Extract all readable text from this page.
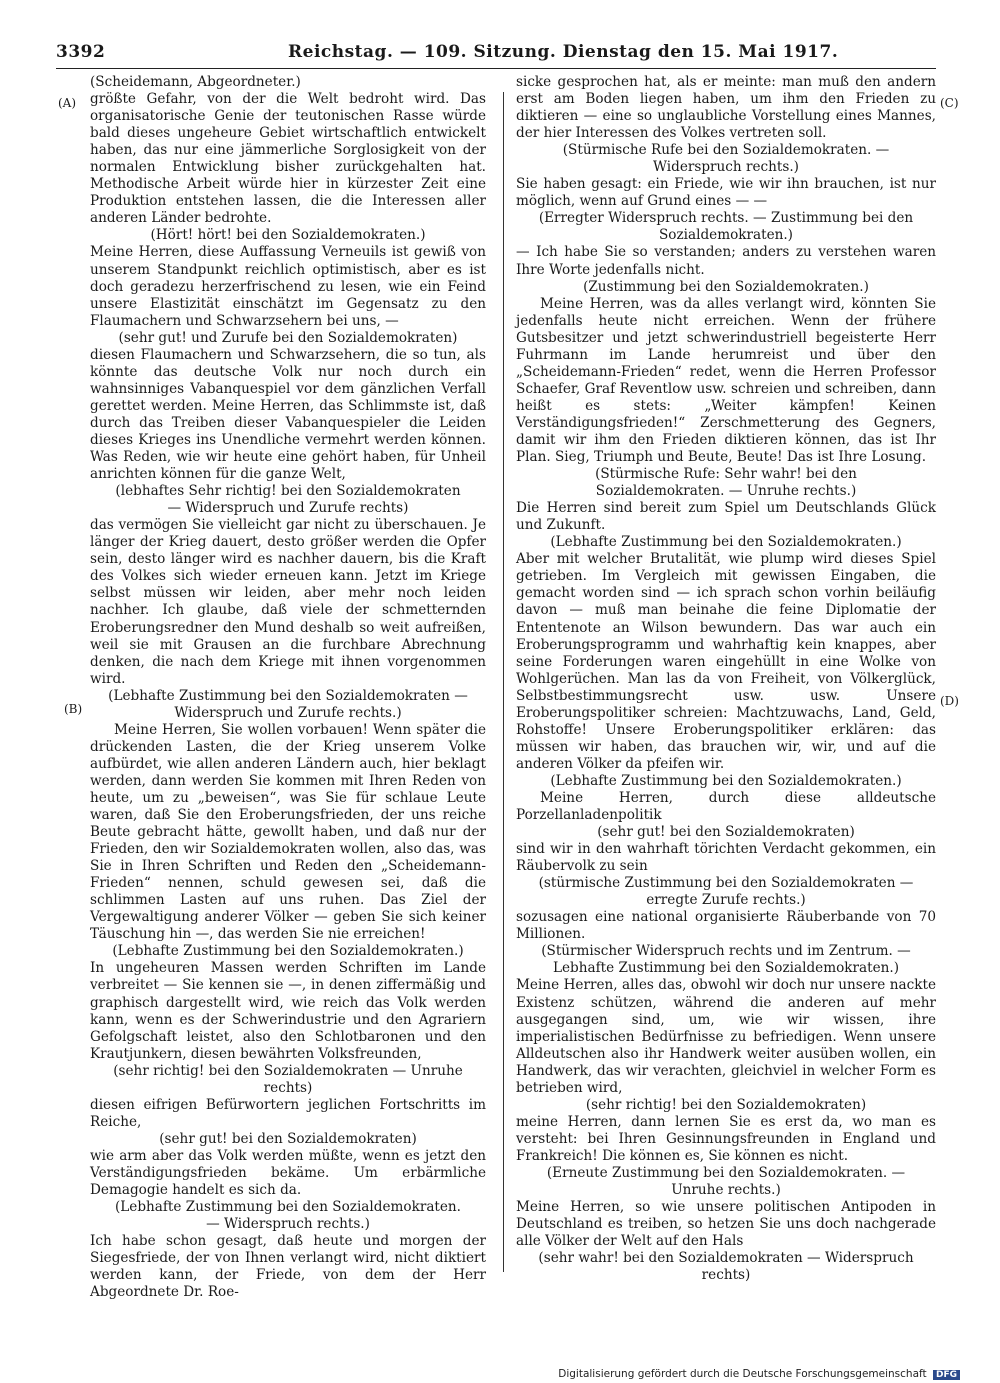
3392	Reichstag. — 109. Sitzung. Dienstag den 15. Mai 1917.
(A)
(B)
(C)
(D)

(Scheidemann, Abgeordneter.)

größte Gefahr, von der die Welt bedroht wird. Das organisatorische Genie der teutonischen Rasse würde bald dieses ungeheure Gebiet wirtschaftlich entwickelt haben, das nur eine jämmerliche Sorglosigkeit von der normalen Entwicklung bisher zurückgehalten hat. Methodische Arbeit würde hier in kürzester Zeit eine Produktion entstehen lassen, die die Interessen aller anderen Länder bedrohte.

(Hört! hört! bei den Sozialdemokraten.)

Meine Herren, diese Auffassung Verneuils ist gewiß von unserem Standpunkt reichlich optimistisch, aber es ist doch geradezu herzerfrischend zu lesen, wie ein Feind unsere Elastizität einschätzt im Gegensatz zu den Flaumachern und Schwarzsehern bei uns, —

(sehr gut! und Zurufe bei den Sozialdemokraten)

diesen Flaumachern und Schwarzsehern, die so tun, als könnte das deutsche Volk nur noch durch ein wahnsinniges Vabanquespiel vor dem gänzlichen Verfall gerettet werden. Meine Herren, das Schlimmste ist, daß durch das Treiben dieser Vabanquespieler die Leiden dieses Krieges ins Unendliche vermehrt werden können. Was Reden, wie wir heute eine gehört haben, für Unheil anrichten können für die ganze Welt,

(lebhaftes Sehr richtig! bei den Sozialdemokraten — Widerspruch und Zurufe rechts)

das vermögen Sie vielleicht gar nicht zu überschauen. Je länger der Krieg dauert, desto größer werden die Opfer sein, desto länger wird es nachher dauern, bis die Kraft des Volkes sich wieder erneuen kann. Jetzt im Kriege selbst müssen wir leiden, aber mehr noch leiden nachher. Ich glaube, daß viele der schmetternden Eroberungsredner den Mund deshalb so weit aufreißen, weil sie mit Grausen an die furchbare Abrechnung denken, die nach dem Kriege mit ihnen vorgenommen wird.

(Lebhafte Zustimmung bei den Sozialdemokraten — Widerspruch und Zurufe rechts.)

Meine Herren, Sie wollen vorbauen! Wenn später die drückenden Lasten, die der Krieg unserem Volke aufbürdet, wie allen anderen Ländern auch, hier beklagt werden, dann werden Sie kommen mit Ihren Reden von heute, um zu „beweisen“, was Sie für schlaue Leute waren, daß Sie den Eroberungsfrieden, der uns reiche Beute gebracht hätte, gewollt haben, und daß nur der Frieden, den wir Sozialdemokraten wollen, also das, was Sie in Ihren Schriften und Reden den „Scheidemann-Frieden“ nennen, schuld gewesen sei, daß die schlimmen Lasten auf uns ruhen. Das Ziel der Vergewaltigung anderer Völker — geben Sie sich keiner Täuschung hin —, das werden Sie nie erreichen!

(Lebhafte Zustimmung bei den Sozialdemokraten.)

In ungeheuren Massen werden Schriften im Lande verbreitet — Sie kennen sie —, in denen ziffermäßig und graphisch dargestellt wird, wie reich das Volk werden kann, wenn es der Schwerindustrie und den Agrariern Gefolgschaft leistet, also den Schlotbaronen und den Krautjunkern, diesen bewährten Volksfreunden,

(sehr richtig! bei den Sozialdemokraten — Unruhe rechts)

diesen eifrigen Befürwortern jeglichen Fortschritts im Reiche,

(sehr gut! bei den Sozialdemokraten)

wie arm aber das Volk werden müßte, wenn es jetzt den Verständigungsfrieden bekäme. Um erbärmliche Demagogie handelt es sich da.

(Lebhafte Zustimmung bei den Sozialdemokraten. — Widerspruch rechts.)

Ich habe schon gesagt, daß heute und morgen der Siegesfriede, der von Ihnen verlangt wird, nicht diktiert werden kann, der Friede, von dem der Herr Abgeordnete Dr. Roe-

sicke gesprochen hat, als er meinte: man muß den andern erst am Boden liegen haben, um ihm den Frieden zu diktieren — eine so unglaubliche Vorstellung eines Mannes, der hier Interessen des Volkes vertreten soll.

(Stürmische Rufe bei den Sozialdemokraten. — Widerspruch rechts.)

Sie haben gesagt: ein Friede, wie wir ihn brauchen, ist nur möglich, wenn auf Grund eines — —

(Erregter Widerspruch rechts. — Zustimmung bei den Sozialdemokraten.)

— Ich habe Sie so verstanden; anders zu verstehen waren Ihre Worte jedenfalls nicht.

(Zustimmung bei den Sozialdemokraten.)

Meine Herren, was da alles verlangt wird, könnten Sie jedenfalls heute nicht erreichen. Wenn der frühere Gutsbesitzer und jetzt schwerindustriell begeisterte Herr Fuhrmann im Lande herumreist und über den „Scheidemann-Frieden“ redet, wenn die Herren Professor Schaefer, Graf Reventlow usw. schreien und schreiben, dann heißt es stets: „Weiter kämpfen! Keinen Verständigungsfrieden!“ Zerschmetterung des Gegners, damit wir ihm den Frieden diktieren können, das ist Ihr Plan. Sieg, Triumph und Beute, Beute! Das ist Ihre Losung.

(Stürmische Rufe: Sehr wahr! bei den Sozialdemokraten. — Unruhe rechts.)

Die Herren sind bereit zum Spiel um Deutschlands Glück und Zukunft.

(Lebhafte Zustimmung bei den Sozialdemokraten.)

Aber mit welcher Brutalität, wie plump wird dieses Spiel getrieben. Im Vergleich mit gewissen Eingaben, die gemacht worden sind — ich sprach schon vorhin beiläufig davon — muß man beinahe die feine Diplomatie der Ententenote an Wilson bewundern. Das war auch ein Eroberungsprogramm und wahrhaftig kein knappes, aber seine Forderungen waren eingehüllt in eine Wolke von Wohlgerüchen. Man las da von Freiheit, von Völkerglück, Selbstbestimmungsrecht usw. usw. Unsere Eroberungspolitiker schreien: Machtzuwachs, Land, Geld, Rohstoffe! Unsere Eroberungspolitiker erklären: das müssen wir haben, das brauchen wir, wir, und auf die anderen Völker da pfeifen wir.

(Lebhafte Zustimmung bei den Sozialdemokraten.)

Meine Herren, durch diese alldeutsche Porzellanladenpolitik

(sehr gut! bei den Sozialdemokraten)

sind wir in den wahrhaft törichten Verdacht gekommen, ein Räubervolk zu sein

(stürmische Zustimmung bei den Sozialdemokraten — erregte Zurufe rechts.)

sozusagen eine national organisierte Räuberbande von 70 Millionen.

(Stürmischer Widerspruch rechts und im Zentrum. — Lebhafte Zustimmung bei den Sozialdemokraten.)

Meine Herren, alles das, obwohl wir doch nur unsere nackte Existenz schützen, während die anderen auf mehr ausgegangen sind, um, wie wir wissen, ihre imperialistischen Bedürfnisse zu befriedigen. Wenn unsere Alldeutschen also ihr Handwerk weiter ausüben wollen, ein Handwerk, das wir verachten, gleichviel in welcher Form es betrieben wird,

(sehr richtig! bei den Sozialdemokraten)

meine Herren, dann lernen Sie es erst da, wo man es versteht: bei Ihren Gesinnungsfreunden in England und Frankreich! Die können es, Sie können es nicht.

(Erneute Zustimmung bei den Sozialdemokraten. — Unruhe rechts.)

Meine Herren, so wie unsere politischen Antipoden in Deutschland es treiben, so hetzen Sie uns doch nachgerade alle Völker der Welt auf den Hals

(sehr wahr! bei den Sozialdemokraten — Widerspruch rechts)

Digitalisierung gefördert durch die Deutsche Forschungsgemeinschaft DFG
